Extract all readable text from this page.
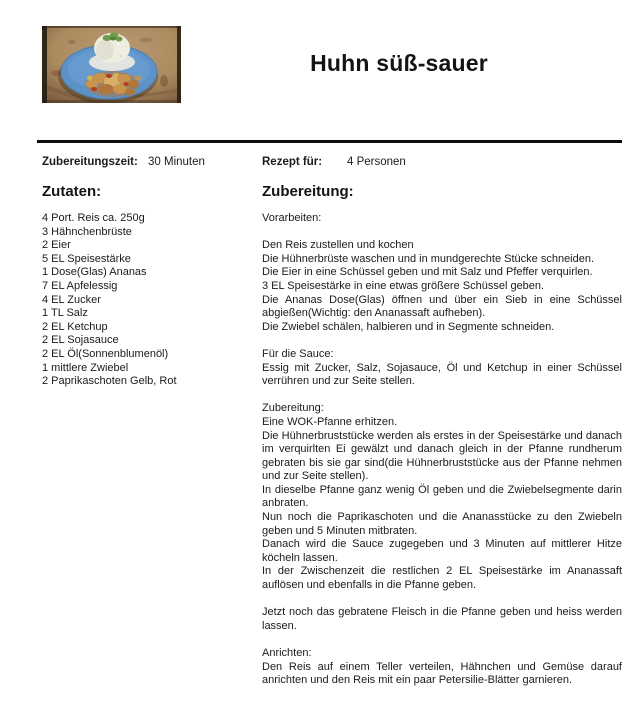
Huhn süß-sauer
Zubereitungszeit: 30 Minuten	Rezept für: 4 Personen
Zutaten:
4 Port. Reis ca. 250g
3 Hähnchenbrüste
2 Eier
5 EL Speisestärke
1 Dose(Glas) Ananas
7 EL Apfelessig
4 EL Zucker
1 TL Salz
2 EL Ketchup
2 EL Sojasauce
2 EL Öl(Sonnenblumenöl)
1 mittlere Zwiebel
2 Paprikaschoten Gelb, Rot
Zubereitung:

Vorarbeiten:

Den Reis zustellen und kochen

Die Hühnerbrüste waschen und in mundgerechte Stücke schneiden.

Die Eier in eine Schüssel geben und mit Salz und Pfeffer verquirlen.

3 EL Speisestärke in eine etwas größere Schüssel geben.

Die Ananas Dose(Glas) öffnen und über ein Sieb in eine Schüssel abgießen(Wichtig: den Ananassaft aufheben).

Die Zwiebel schälen, halbieren und in Segmente schneiden.

Für die Sauce:

Essig mit Zucker, Salz, Sojasauce, Öl und Ketchup in einer Schüssel verrühren und zur Seite stellen.

Zubereitung:

Eine WOK-Pfanne erhitzen.

Die Hühnerbruststücke werden als erstes in der Speisestärke und danach im verquirlten Ei gewälzt und danach gleich in der Pfanne rundherum gebraten bis sie gar sind(die Hühnerbruststücke aus der Pfanne nehmen und zur Seite stellen).

In dieselbe Pfanne ganz wenig Öl geben und die Zwiebelsegmente darin anbraten.

Nun noch die Paprikaschoten und die Ananasstücke zu den Zwiebeln geben und 5 Minuten mitbraten.

Danach wird die Sauce zugegeben und 3 Minuten auf mittlerer Hitze köcheln lassen.

In der Zwischenzeit die restlichen 2 EL Speisestärke im Ananassaft auflösen und ebenfalls in die Pfanne geben.

Jetzt noch das gebratene Fleisch in die Pfanne geben und heiss werden lassen.

Anrichten:

Den Reis auf einem Teller verteilen, Hähnchen und Gemüse darauf anrichten und den Reis mit ein paar Petersilie-Blätter garnieren.
